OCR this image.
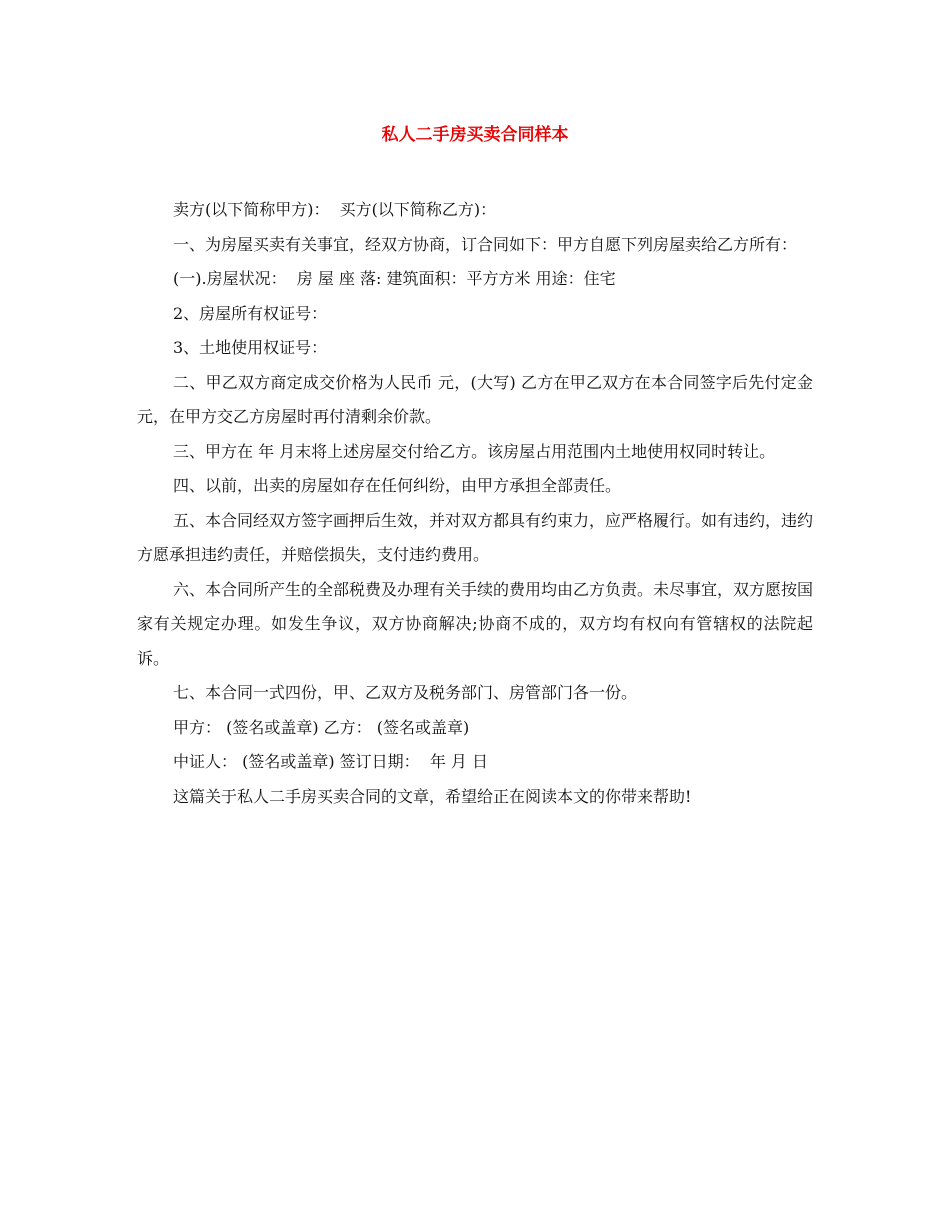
私人二手房买卖合同样本

卖方(以下简称甲方)：  买方(以下简称乙方)：

一、为房屋买卖有关事宜，经双方协商，订合同如下：甲方自愿下列房屋卖给乙方所有：

(一).房屋状况：  房 屋 座 落: 建筑面积：平方方米 用途：住宅

2、房屋所有权证号：

3、土地使用权证号：

二、甲乙双方商定成交价格为人民币 元，(大写) 乙方在甲乙双方在本合同签字后先付定金 元，在甲方交乙方房屋时再付清剩余价款。

三、甲方在 年 月末将上述房屋交付给乙方。该房屋占用范围内土地使用权同时转让。

四、以前，出卖的房屋如存在任何纠纷，由甲方承担全部责任。

五、本合同经双方签字画押后生效，并对双方都具有约束力，应严格履行。如有违约，违约方愿承担违约责任，并赔偿损失，支付违约费用。

六、本合同所产生的全部税费及办理有关手续的费用均由乙方负责。未尽事宜，双方愿按国家有关规定办理。如发生争议，双方协商解决;协商不成的，双方均有权向有管辖权的法院起诉。

七、本合同一式四份，甲、乙双方及税务部门、房管部门各一份。

甲方： (签名或盖章) 乙方： (签名或盖章)

中证人： (签名或盖章) 签订日期：  年 月 日

这篇关于私人二手房买卖合同的文章，希望给正在阅读本文的你带来帮助!
